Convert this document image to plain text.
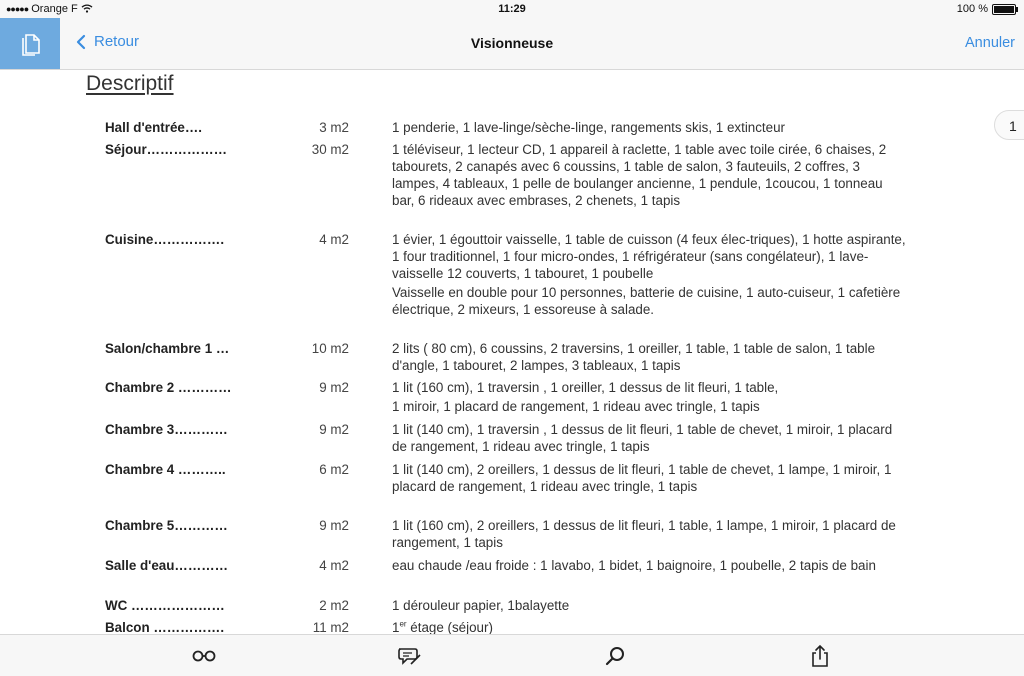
●●●●● Orange F	11:29	100 %
Retour	Visionneuse	Annuler
Descriptif
1
Hall d'entrée….	3 m2	1 penderie, 1 lave-linge/sèche-linge, rangements skis, 1 extincteur

Séjour………………	30 m2	1 téléviseur, 1 lecteur CD, 1 appareil à raclette, 1 table avec toile cirée, 6 chaises, 2 tabourets, 2 canapés avec 6 coussins, 1 table de salon, 3 fauteuils, 2 coffres, 3 lampes, 4 tableaux, 1 pelle de boulanger ancienne, 1 pendule, 1coucou, 1 tonneau bar, 6 rideaux avec embrases, 2 chenets, 1 tapis

Cuisine…………….	4 m2	1 évier, 1 égouttoir vaisselle, 1 table de cuisson (4 feux élec-triques), 1 hotte aspirante, 1 four traditionnel, 1 four micro-ondes, 1 réfrigérateur (sans congélateur), 1 lave-vaisselle 12 couverts, 1 tabouret, 1 poubelle

Vaisselle en double pour 10 personnes, batterie de cuisine, 1 auto-cuiseur, 1 cafetière électrique, 2 mixeurs, 1 essoreuse à salade.

Salon/chambre 1 …	10 m2	2 lits ( 80 cm), 6 coussins, 2 traversins, 1 oreiller, 1 table, 1 table de salon, 1 table d'angle, 1 tabouret, 2 lampes, 3 tableaux, 1 tapis

Chambre 2 …………	9 m2	1 lit (160 cm), 1 traversin , 1 oreiller, 1 dessus de lit fleuri, 1 table,

1 miroir, 1 placard de rangement, 1 rideau avec tringle, 1 tapis

Chambre 3…………	9 m2	1 lit (140 cm), 1 traversin , 1 dessus de lit fleuri, 1 table de chevet, 1 miroir, 1 placard de rangement, 1 rideau avec tringle, 1 tapis

Chambre 4 ………..	6 m2	1 lit (140 cm), 2 oreillers, 1 dessus de lit fleuri, 1 table de chevet, 1 lampe, 1 miroir, 1 placard de rangement, 1 rideau avec tringle, 1 tapis

Chambre 5…………	9 m2	1 lit (160 cm), 2 oreillers, 1 dessus de lit fleuri, 1 table, 1 lampe, 1 miroir, 1 placard de rangement, 1 tapis

Salle d'eau…………	4 m2	eau chaude /eau froide : 1 lavabo, 1 bidet, 1 baignoire, 1 poubelle, 2 tapis de bain

WC …………………	2 m2	1 dérouleur papier, 1balayette

Balcon …………….	11 m2	1er étage (séjour)
